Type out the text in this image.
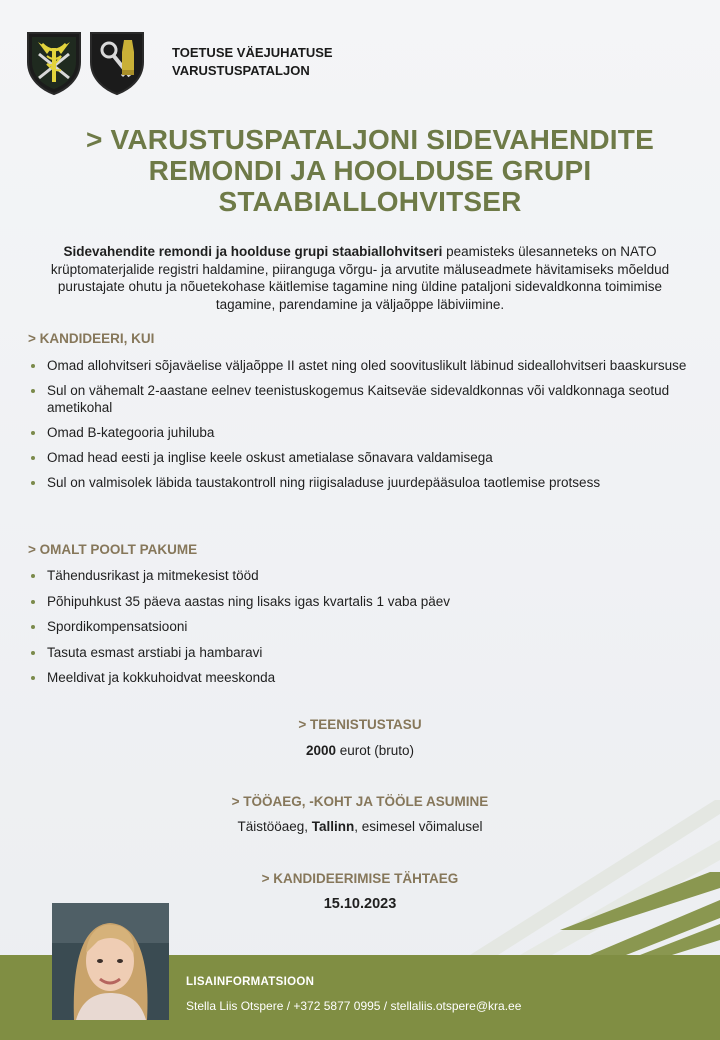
TOETUSE VÄEJUHATUSE
VARUSTUSPATALJON
> VARUSTUSPATALJONI SIDEVAHENDITE
REMONDI JA HOOLDUSE GRUPI
STAABIALLOHVITSER
Sidevahendite remondi ja hoolduse grupi staabiallohvitseri peamisteks ülesanneteks on NATO krüptomaterjalide registri haldamine, piiranguga võrgu- ja arvutite mäluseadmete hävitamiseks mõeldud purustajate ohutu ja nõuetekohase käitlemise tagamine ning üldine pataljoni sidevaldkonna toimimise tagamine, parendamine ja väljaõppe läbiviimine.
> KANDIDEERI, KUI
Omad allohvitseri sõjaväelise väljaõppe II astet ning oled soovituslikult läbinud sideallohvitseri baaskursuse
Sul on vähemalt 2-aastane eelnev teenistuskogemus Kaitseväe sidevaldkonnas või valdkonnaga seotud ametikohal
Omad B-kategooria juhiluba
Omad head eesti ja inglise keele oskust ametialase sõnavara valdamisega
Sul on valmisolek läbida taustakontroll ning riigisaladuse juurdepääsuloa taotlemise protsess
> OMALT POOLT PAKUME
Tähendusrikast ja mitmekesist tööd
Põhipuhkust 35 päeva aastas ning lisaks igas kvartalis 1 vaba päev
Spordikompensatsiooni
Tasuta esmast arstiabi ja hambaravi
Meeldivat ja kokkuhoidvat meeskonda
> TEENISTUSTASU
2000 eurot (bruto)
> TÖÖAEG, -KOHT JA TÖÖLE ASUMINE
Täistööaeg, Tallinn, esimesel võimalusel
> KANDIDEERIMISE TÄHTAEG
15.10.2023
LISAINFORMATSIOON
Stella Liis Otspere / +372 5877 0995 / stellaliis.otspere@kra.ee
